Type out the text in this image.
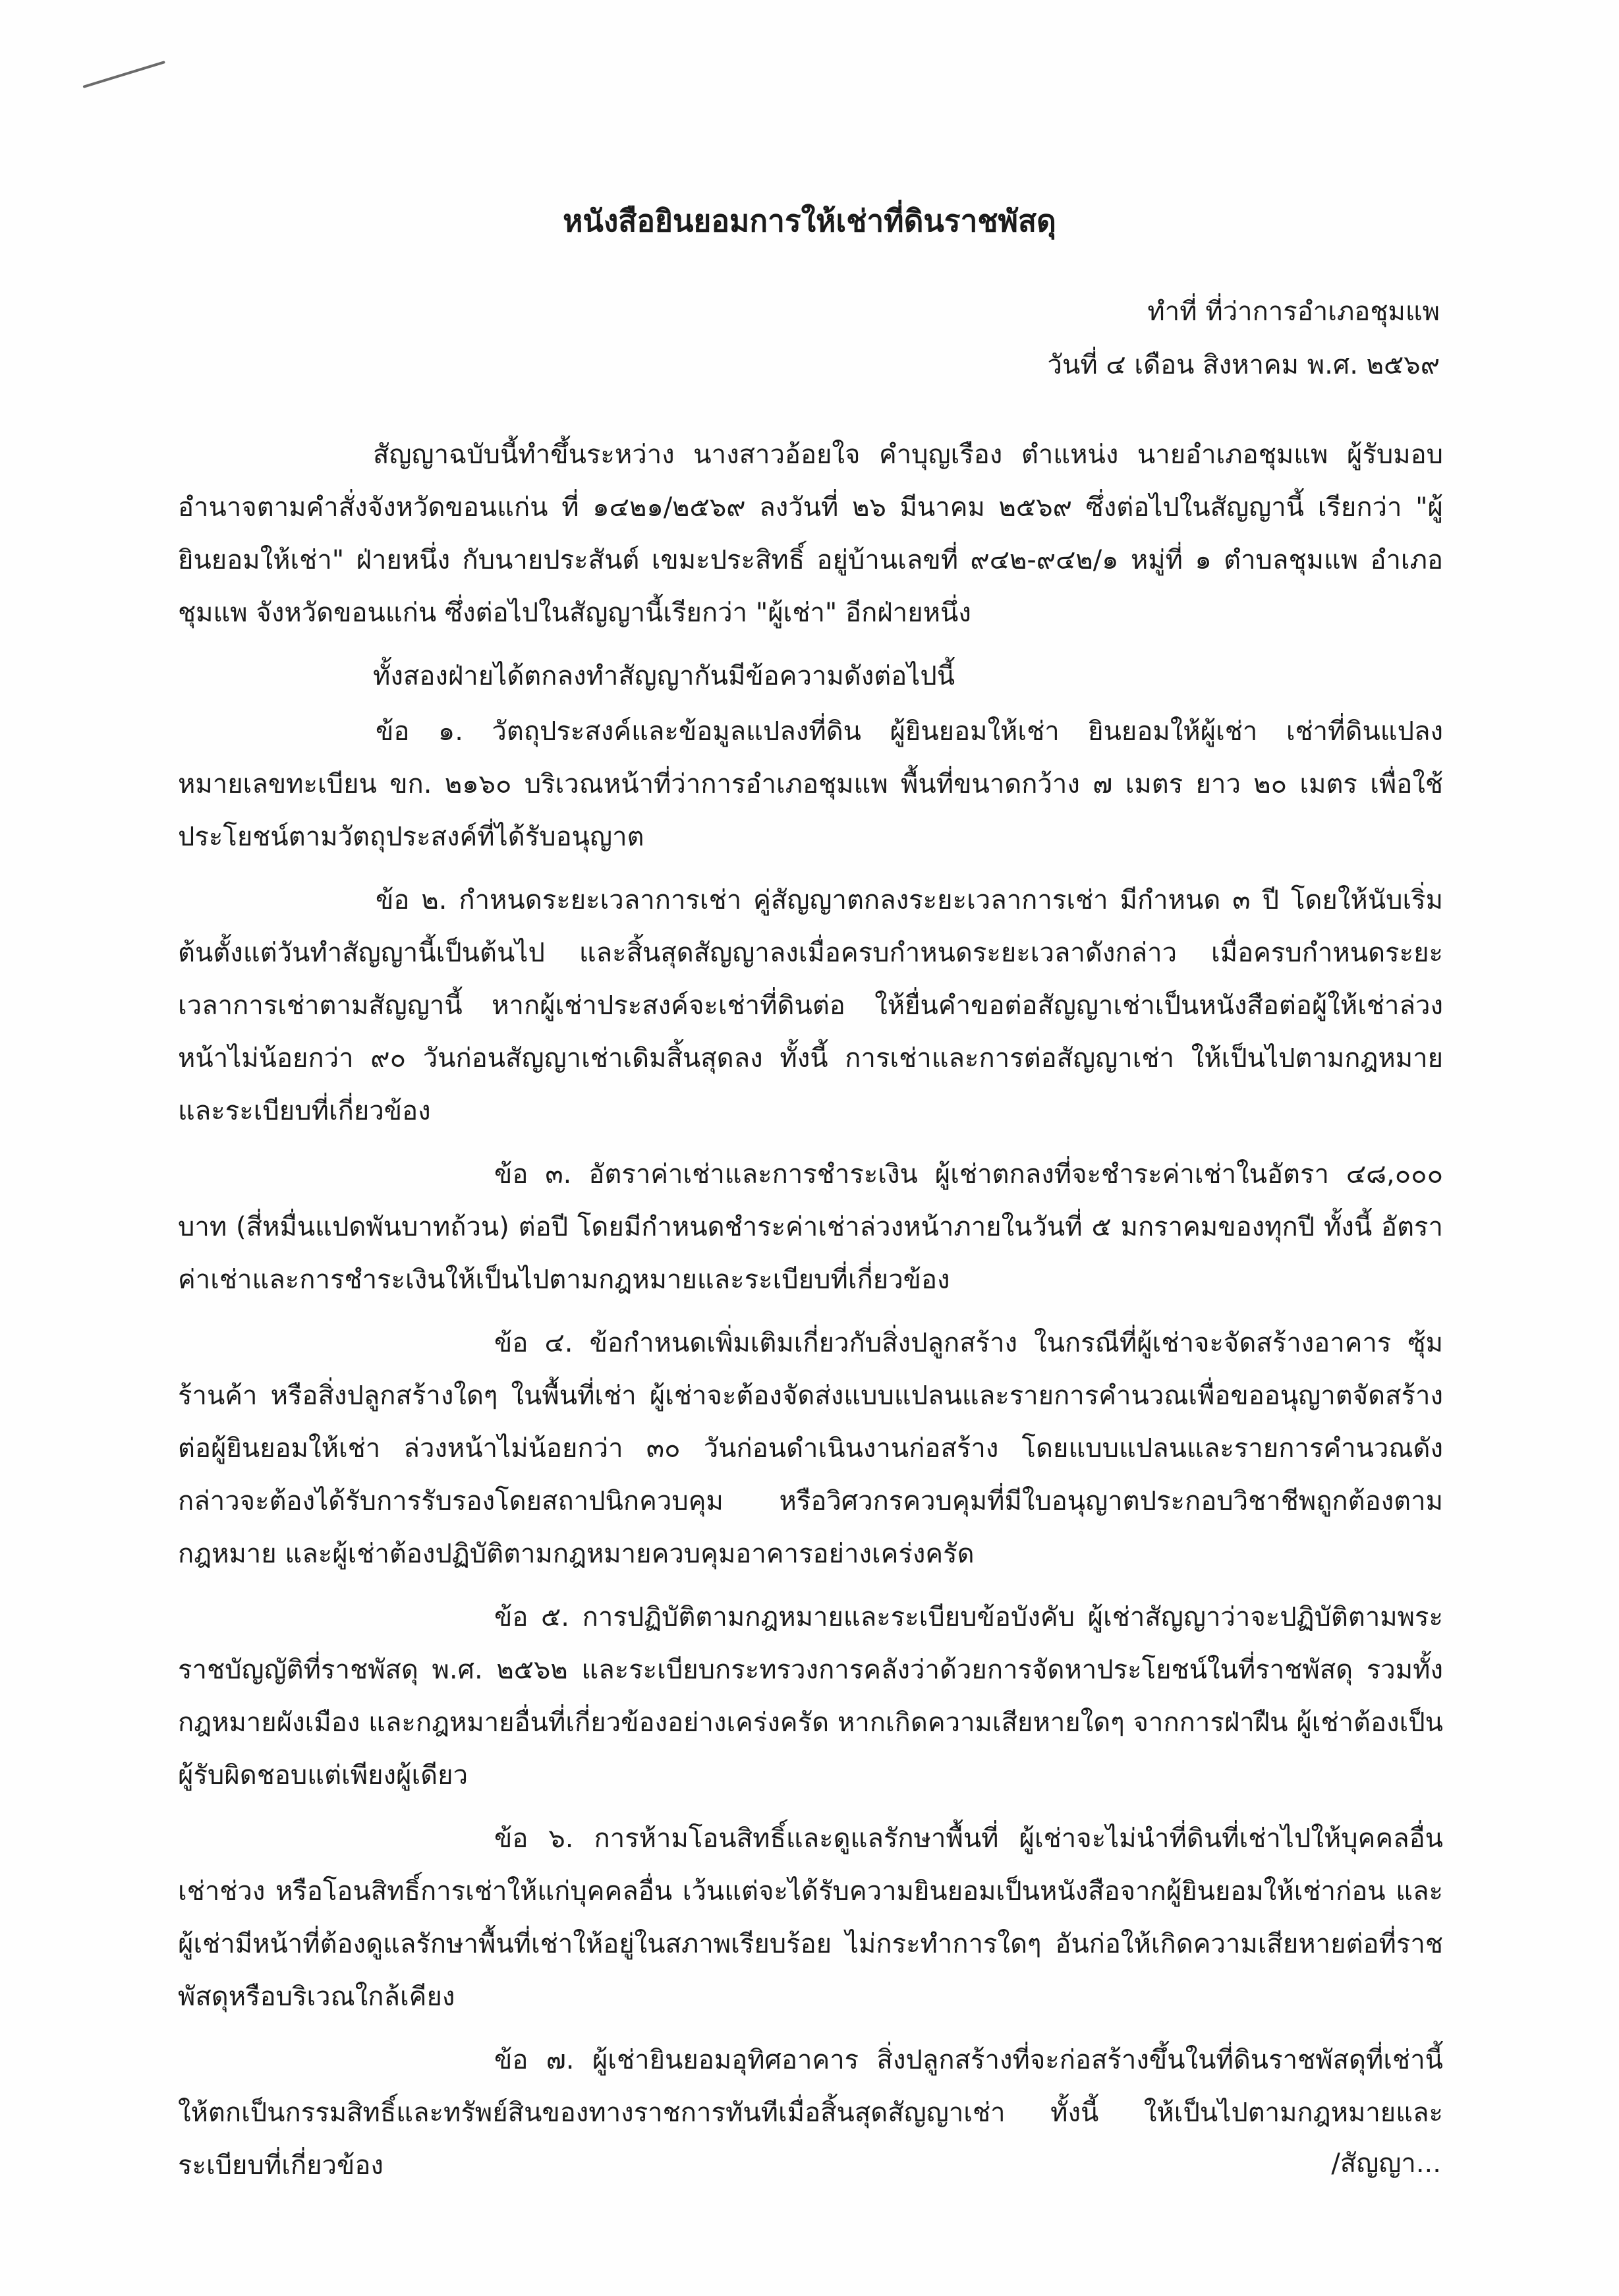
หนังสือยินยอมการให้เช่าที่ดินราชพัสดุ
ทำที่ ที่ว่าการอำเภอชุมแพ
วันที่ ๔ เดือน สิงหาคม พ.ศ. ๒๕๖๙

สัญญาฉบับนี้ทำขึ้นระหว่าง นางสาวอ้อยใจ คำบุญเรือง ตำแหน่ง นายอำเภอชุมแพ ผู้รับมอบอำนาจตามคำสั่งจังหวัดขอนแก่น ที่ ๑๔๒๑/๒๕๖๙ ลงวันที่ ๒๖ มีนาคม ๒๕๖๙ ซึ่งต่อไปในสัญญานี้ เรียกว่า "ผู้ยินยอมให้เช่า" ฝ่ายหนึ่ง กับนายประสันต์ เขมะประสิทธิ์ อยู่บ้านเลขที่ ๙๔๒-๙๔๒/๑ หมู่ที่ ๑ ตำบลชุมแพ อำเภอชุมแพ จังหวัดขอนแก่น ซึ่งต่อไปในสัญญานี้เรียกว่า "ผู้เช่า" อีกฝ่ายหนึ่ง

ทั้งสองฝ่ายได้ตกลงทำสัญญากันมีข้อความดังต่อไปนี้

ข้อ ๑. วัตถุประสงค์และข้อมูลแปลงที่ดิน ผู้ยินยอมให้เช่า ยินยอมให้ผู้เช่า เช่าที่ดินแปลงหมายเลขทะเบียน ขก. ๒๑๖๐ บริเวณหน้าที่ว่าการอำเภอชุมแพ พื้นที่ขนาดกว้าง ๗ เมตร ยาว ๒๐ เมตร เพื่อใช้ประโยชน์ตามวัตถุประสงค์ที่ได้รับอนุญาต

ข้อ ๒. กำหนดระยะเวลาการเช่า คู่สัญญาตกลงระยะเวลาการเช่า มีกำหนด ๓ ปี โดยให้นับเริ่มต้นตั้งแต่วันทำสัญญานี้เป็นต้นไป และสิ้นสุดสัญญาลงเมื่อครบกำหนดระยะเวลาดังกล่าว เมื่อครบกำหนดระยะเวลาการเช่าตามสัญญานี้ หากผู้เช่าประสงค์จะเช่าที่ดินต่อ ให้ยื่นคำขอต่อสัญญาเช่าเป็นหนังสือต่อผู้ให้เช่าล่วงหน้าไม่น้อยกว่า ๙๐ วันก่อนสัญญาเช่าเดิมสิ้นสุดลง ทั้งนี้ การเช่าและการต่อสัญญาเช่า ให้เป็นไปตามกฎหมายและระเบียบที่เกี่ยวข้อง

ข้อ ๓. อัตราค่าเช่าและการชำระเงิน ผู้เช่าตกลงที่จะชำระค่าเช่าในอัตรา ๔๘,๐๐๐ บาท (สี่หมื่นแปดพันบาทถ้วน) ต่อปี โดยมีกำหนดชำระค่าเช่าล่วงหน้าภายในวันที่ ๕ มกราคมของทุกปี ทั้งนี้ อัตราค่าเช่าและการชำระเงินให้เป็นไปตามกฎหมายและระเบียบที่เกี่ยวข้อง

ข้อ ๔. ข้อกำหนดเพิ่มเติมเกี่ยวกับสิ่งปลูกสร้าง ในกรณีที่ผู้เช่าจะจัดสร้างอาคาร ซุ้มร้านค้า หรือสิ่งปลูกสร้างใดๆ ในพื้นที่เช่า ผู้เช่าจะต้องจัดส่งแบบแปลนและรายการคำนวณเพื่อขออนุญาตจัดสร้างต่อผู้ยินยอมให้เช่า ล่วงหน้าไม่น้อยกว่า ๓๐ วันก่อนดำเนินงานก่อสร้าง โดยแบบแปลนและรายการคำนวณดังกล่าวจะต้องได้รับการรับรองโดยสถาปนิกควบคุม หรือวิศวกรควบคุมที่มีใบอนุญาตประกอบวิชาชีพถูกต้องตามกฎหมาย และผู้เช่าต้องปฏิบัติตามกฎหมายควบคุมอาคารอย่างเคร่งครัด

ข้อ ๕. การปฏิบัติตามกฎหมายและระเบียบข้อบังคับ ผู้เช่าสัญญาว่าจะปฏิบัติตามพระราชบัญญัติที่ราชพัสดุ พ.ศ. ๒๕๖๒ และระเบียบกระทรวงการคลังว่าด้วยการจัดหาประโยชน์ในที่ราชพัสดุ รวมทั้งกฎหมายผังเมือง และกฎหมายอื่นที่เกี่ยวข้องอย่างเคร่งครัด หากเกิดความเสียหายใดๆ จากการฝ่าฝืน ผู้เช่าต้องเป็นผู้รับผิดชอบแต่เพียงผู้เดียว

ข้อ ๖. การห้ามโอนสิทธิ์และดูแลรักษาพื้นที่ ผู้เช่าจะไม่นำที่ดินที่เช่าไปให้บุคคลอื่นเช่าช่วง หรือโอนสิทธิ์การเช่าให้แก่บุคคลอื่น เว้นแต่จะได้รับความยินยอมเป็นหนังสือจากผู้ยินยอมให้เช่าก่อน และผู้เช่ามีหน้าที่ต้องดูแลรักษาพื้นที่เช่าให้อยู่ในสภาพเรียบร้อย ไม่กระทำการใดๆ อันก่อให้เกิดความเสียหายต่อที่ราชพัสดุหรือบริเวณใกล้เคียง

ข้อ ๗. ผู้เช่ายินยอมอุทิศอาคาร สิ่งปลูกสร้างที่จะก่อสร้างขึ้นในที่ดินราชพัสดุที่เช่านี้ ให้ตกเป็นกรรมสิทธิ์และทรัพย์สินของทางราชการทันทีเมื่อสิ้นสุดสัญญาเช่า ทั้งนี้ ให้เป็นไปตามกฎหมายและระเบียบที่เกี่ยวข้อง	/สัญญา...
